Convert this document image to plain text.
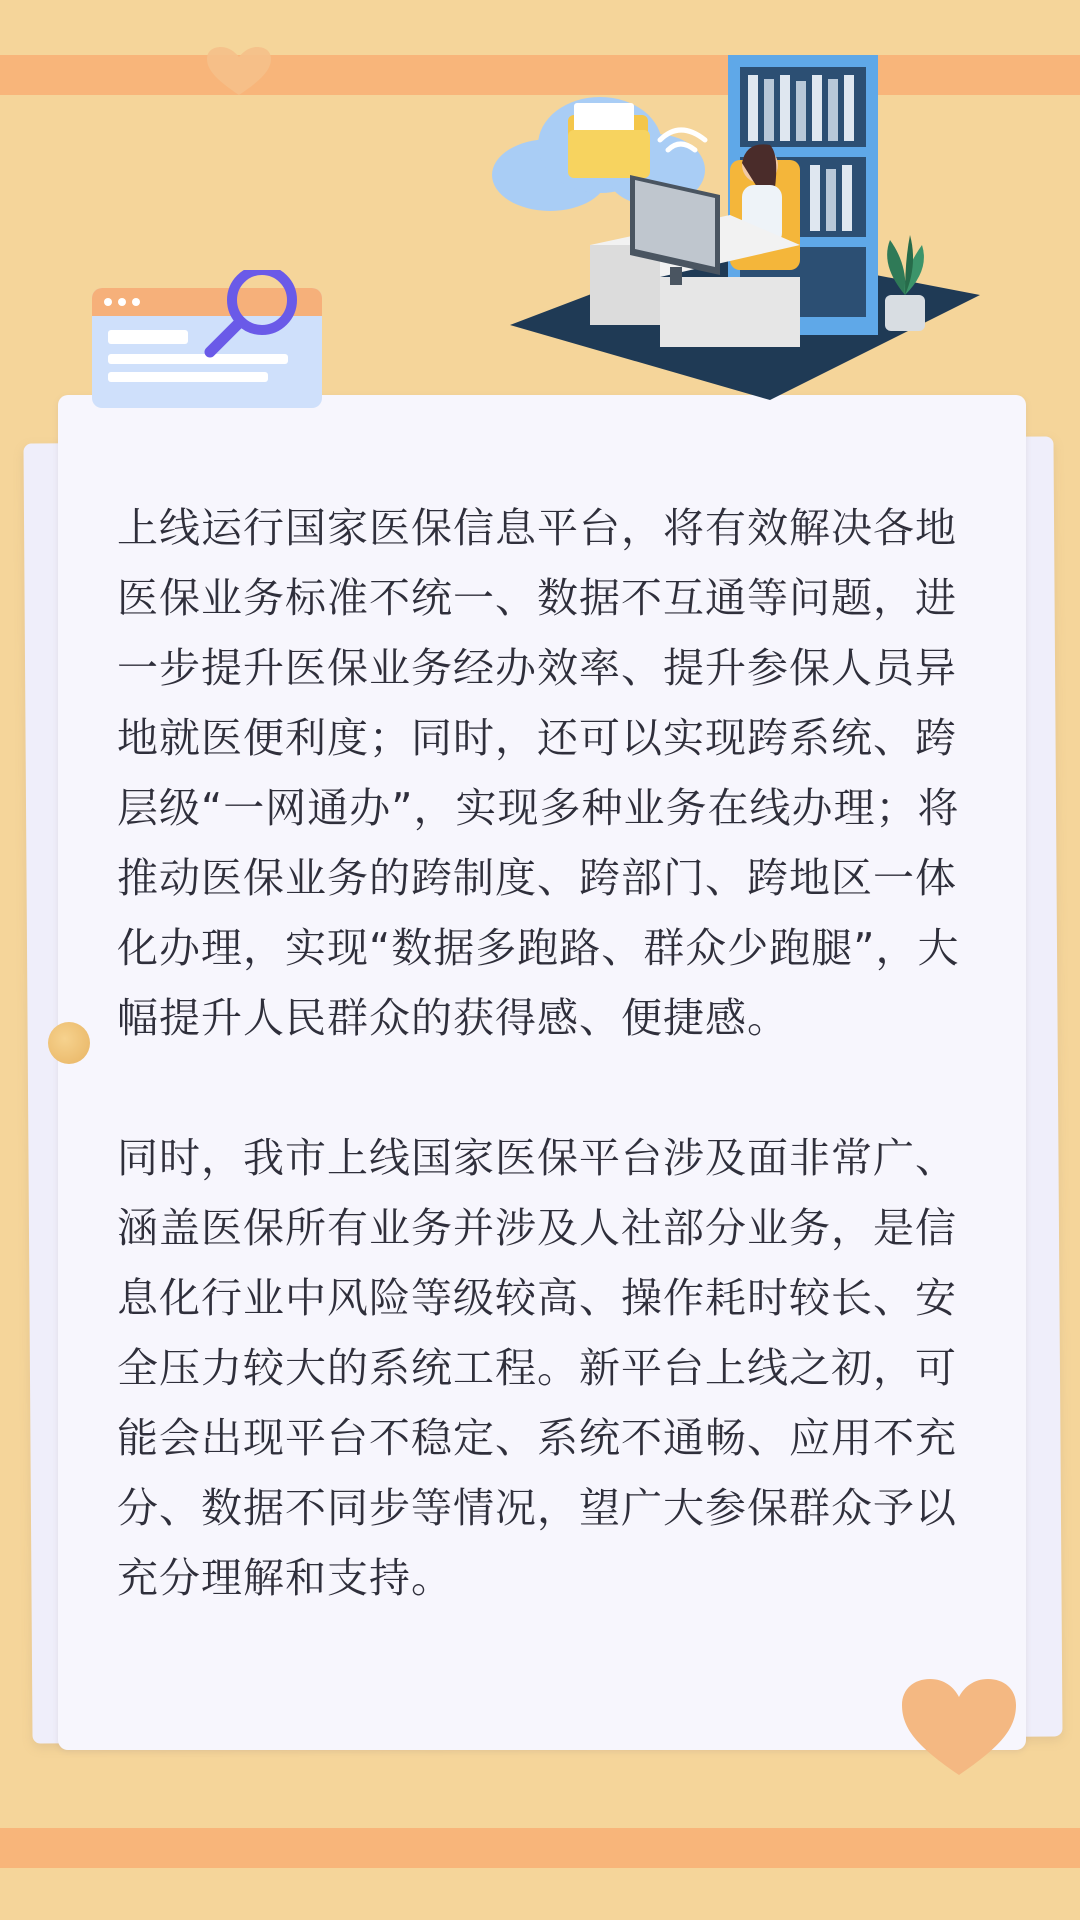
上线运行国家医保信息平台，将有效解决各地医保业务标准不统一、数据不互通等问题，进一步提升医保业务经办效率、提升参保人员异地就医便利度；同时，还可以实现跨系统、跨层级“一网通办”，实现多种业务在线办理；将推动医保业务的跨制度、跨部门、跨地区一体化办理，实现“数据多跑路、群众少跑腿”，大幅提升人民群众的获得感、便捷感。

同时，我市上线国家医保平台涉及面非常广、涵盖医保所有业务并涉及人社部分业务，是信息化行业中风险等级较高、操作耗时较长、安全压力较大的系统工程。新平台上线之初，可能会出现平台不稳定、系统不通畅、应用不充分、数据不同步等情况，望广大参保群众予以充分理解和支持。
